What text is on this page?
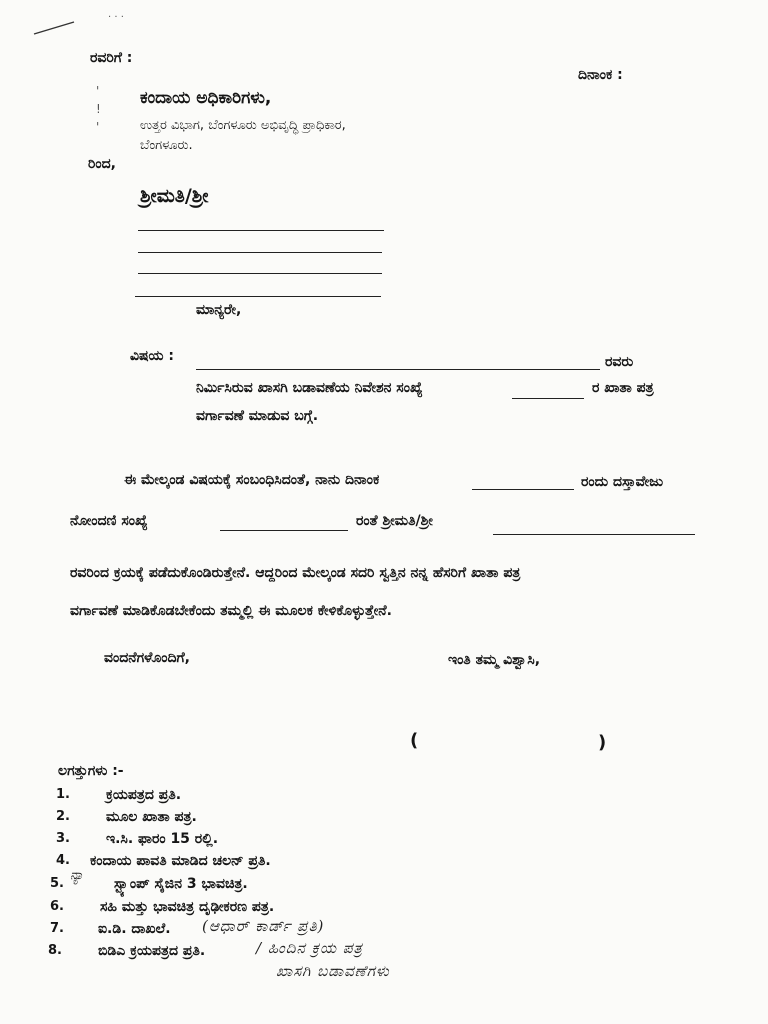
· · ·
'
!
'
ರವರಿಗೆ :
ದಿನಾಂಕ :
ಕಂದಾಯ ಅಧಿಕಾರಿಗಳು,
ಉತ್ತರ ವಿಭಾಗ, ಬೆಂಗಳೂರು ಅಭಿವೃದ್ಧಿ ಪ್ರಾಧಿಕಾರ,
ಬೆಂಗಳೂರು.
ರಿಂದ,
ಶ್ರೀಮತಿ/ಶ್ರೀ
ಮಾನ್ಯರೇ,
ವಿಷಯ :	ರವರು
ನಿರ್ಮಿಸಿರುವ ಖಾಸಗಿ ಬಡಾವಣೆಯ ನಿವೇಶನ ಸಂಖ್ಯೆ	ರ ಖಾತಾ ಪತ್ರ
ವರ್ಗಾವಣೆ ಮಾಡುವ ಬಗ್ಗೆ.
ಈ ಮೇಲ್ಕಂಡ ವಿಷಯಕ್ಕೆ ಸಂಬಂಧಿಸಿದಂತೆ, ನಾನು ದಿನಾಂಕ	ರಂದು ದಸ್ತಾವೇಜು
ನೋಂದಣಿ ಸಂಖ್ಯೆ	ರಂತೆ ಶ್ರೀಮತಿ/ಶ್ರೀ
ರವರಿಂದ ಕ್ರಯಕ್ಕೆ ಪಡೆದುಕೊಂಡಿರುತ್ತೇನೆ. ಆದ್ದರಿಂದ ಮೇಲ್ಕಂಡ ಸದರಿ ಸ್ವತ್ತಿನ ನನ್ನ ಹೆಸರಿಗೆ ಖಾತಾ ಪತ್ರ
ವರ್ಗಾವಣೆ ಮಾಡಿಕೊಡಬೇಕೆಂದು ತಮ್ಮಲ್ಲಿ ಈ ಮೂಲಕ ಕೇಳಿಕೊಳ್ಳುತ್ತೇನೆ.
ವಂದನೆಗಳೊಂದಿಗೆ,	ಇಂತಿ ತಮ್ಮ ವಿಶ್ವಾಸಿ,
(	)
ಲಗತ್ತುಗಳು :-
1.	ಕ್ರಯಪತ್ರದ ಪ್ರತಿ.
2.	ಮೂಲ ಖಾತಾ ಪತ್ರ.
3.	ಇ.ಸಿ. ಫಾರಂ 15 ರಲ್ಲಿ.
4. ಕಂದಾಯ ಪಾವತಿ ಮಾಡಿದ ಚಲನ್ ಪ್ರತಿ.
5.
ನ್ಯಾ
ಸ್ಟ್ಯಾಂಪ್ ಸೈಜಿನ 3 ಭಾವಚಿತ್ರ.
6.	ಸಹಿ ಮತ್ತು ಭಾವಚಿತ್ರ ದೃಢೀಕರಣ ಪತ್ರ.
7. ಐ.ಡಿ. ದಾಖಲೆ. (ಆಧಾರ್ ಕಾರ್ಡ್ ಪ್ರತಿ)
8.	ಬಿಡಿಎ ಕ್ರಯಪತ್ರದ ಪ್ರತಿ.	/ ಹಿಂದಿನ ಕ್ರಯ ಪತ್ರ
ಖಾಸಗಿ ಬಡಾವಣೆಗಳು
